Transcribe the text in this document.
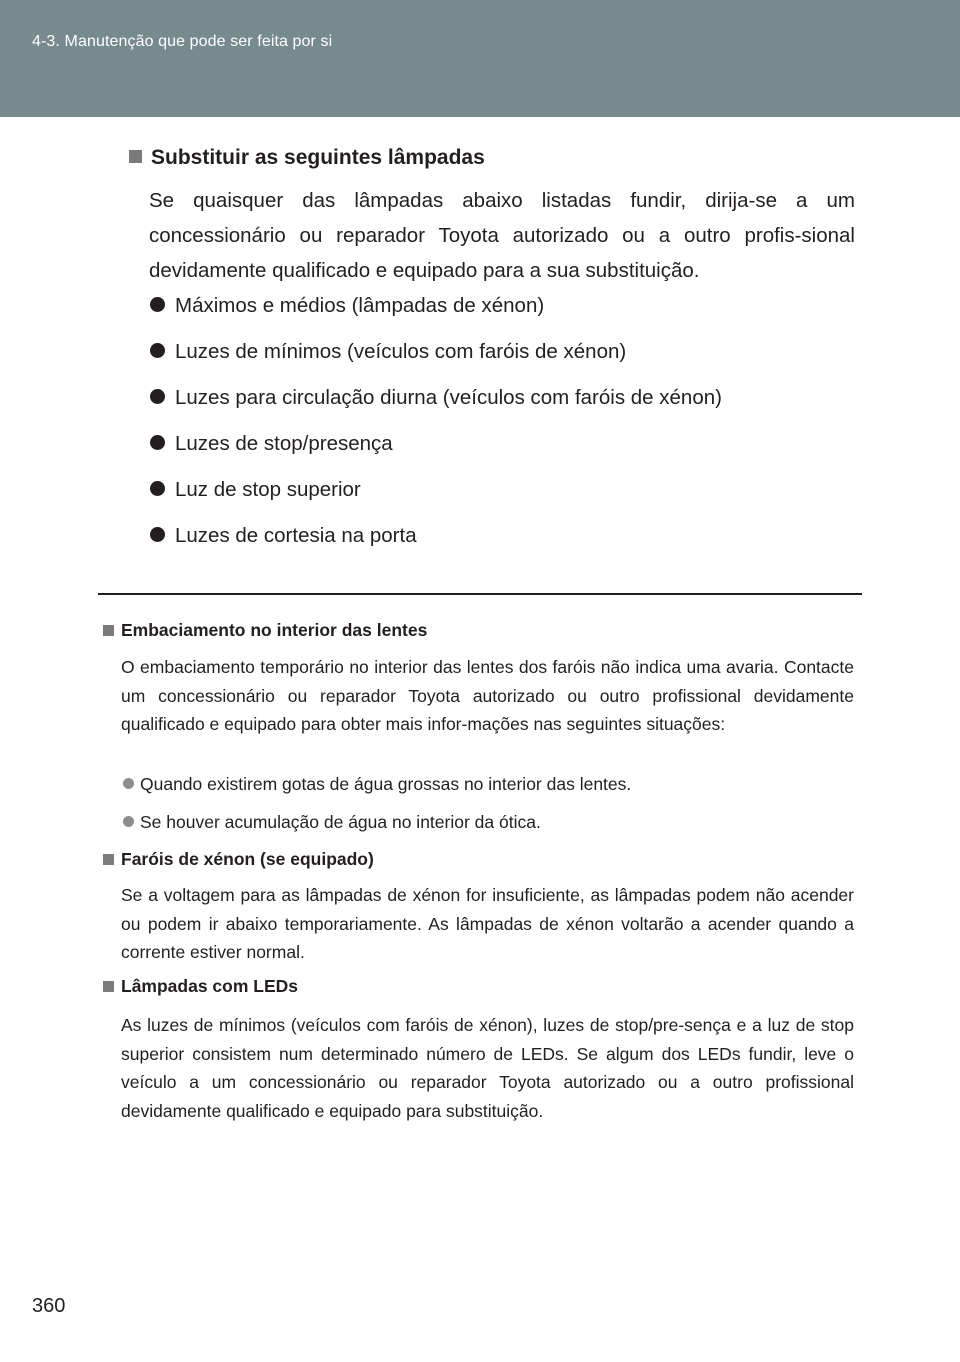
4-3. Manutenção que pode ser feita por si
Substituir as seguintes lâmpadas
Se quaisquer das lâmpadas abaixo listadas fundir, dirija-se a um concessionário ou reparador Toyota autorizado ou a outro profis-sional devidamente qualificado e equipado para a sua substituição.
Máximos e médios (lâmpadas de xénon)
Luzes de mínimos (veículos com faróis de xénon)
Luzes para circulação diurna (veículos com faróis de xénon)
Luzes de stop/presença
Luz de stop superior
Luzes de cortesia na porta
Embaciamento no interior das lentes
O embaciamento temporário no interior das lentes dos faróis não indica uma avaria. Contacte um concessionário ou reparador Toyota autorizado ou outro profissional devidamente qualificado e equipado para obter mais infor-mações nas seguintes situações:
Quando existirem gotas de água grossas no interior das lentes.
Se houver acumulação de água no interior da ótica.
Faróis de xénon (se equipado)
Se a voltagem para as lâmpadas de xénon for insuficiente, as lâmpadas podem não acender ou podem ir abaixo temporariamente. As lâmpadas de xénon voltarão a acender quando a corrente estiver normal.
Lâmpadas com LEDs
As luzes de mínimos (veículos com faróis de xénon), luzes de stop/pre-sença e a luz de stop superior consistem num determinado número de LEDs. Se algum dos LEDs fundir, leve o veículo a um concessionário ou reparador Toyota autorizado ou a outro profissional devidamente qualificado e equipado para substituição.
360
